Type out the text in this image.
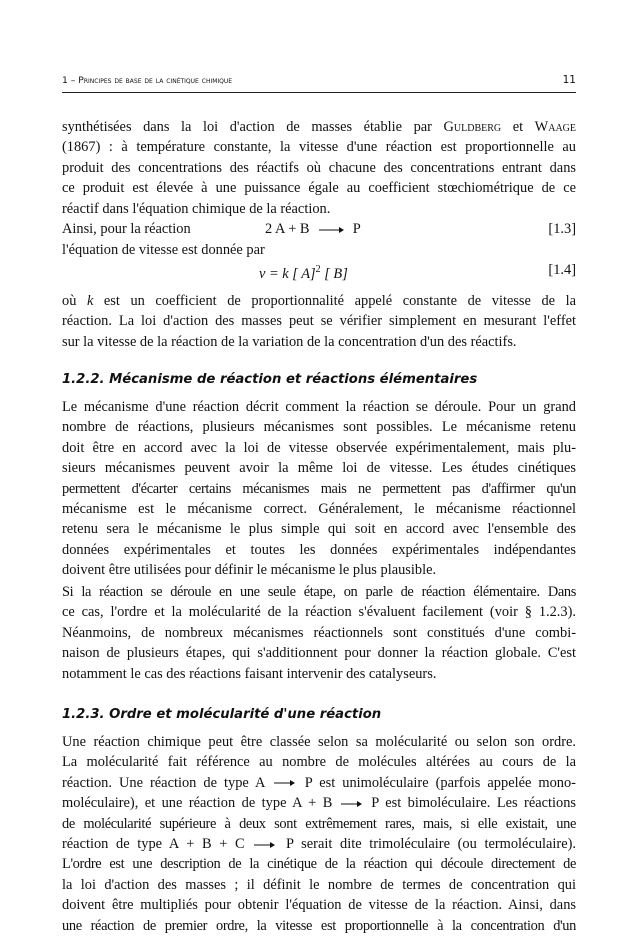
1 – Principes de base de la cinétique chimique	11
synthétisées dans la loi d'action de masses établie par Guldberg et Waage
(1867) : à température constante, la vitesse d'une réaction est proportionnelle au
produit des concentrations des réactifs où chacune des concentrations entrant dans
ce produit est élevée à une puissance égale au coefficient stœchiométrique de ce
réactif dans l'équation chimique de la réaction.
Ainsi, pour la réaction	2 A + B → P	[1.3]
l'équation de vitesse est donnée par
v = k [ A]$^2$ [ B]	[1.4]
où k est un coefficient de proportionnalité appelé constante de vitesse de la
réaction. La loi d'action des masses peut se vérifier simplement en mesurant l'effet
sur la vitesse de la réaction de la variation de la concentration d'un des réactifs.
1.2.2. Mécanisme de réaction et réactions élémentaires
Le mécanisme d'une réaction décrit comment la réaction se déroule. Pour un grand
nombre de réactions, plusieurs mécanismes sont possibles. Le mécanisme retenu
doit être en accord avec la loi de vitesse observée expérimentalement, mais plu-
sieurs mécanismes peuvent avoir la même loi de vitesse. Les études cinétiques
permettent d'écarter certains mécanismes mais ne permettent pas d'affirmer qu'un
mécanisme est le mécanisme correct. Généralement, le mécanisme réactionnel
retenu sera le mécanisme le plus simple qui soit en accord avec l'ensemble des
données expérimentales et toutes les données expérimentales indépendantes
doivent être utilisées pour définir le mécanisme le plus plausible.
Si la réaction se déroule en une seule étape, on parle de réaction élémentaire. Dans
ce cas, l'ordre et la molécularité de la réaction s'évaluent facilement (voir § 1.2.3).
Néanmoins, de nombreux mécanismes réactionnels sont constitués d'une combi-
naison de plusieurs étapes, qui s'additionnent pour donner la réaction globale. C'est
notamment le cas des réactions faisant intervenir des catalyseurs.
1.2.3. Ordre et molécularité d'une réaction
Une réaction chimique peut être classée selon sa molécularité ou selon son ordre.
La molécularité fait référence au nombre de molécules altérées au cours de la
réaction. Une réaction de type A → P est unimoléculaire (parfois appelée mono-
moléculaire), et une réaction de type A + B → P est bimoléculaire. Les réactions
de molécularité supérieure à deux sont extrêmement rares, mais, si elle existait, une
réaction de type A + B + C → P serait dite trimoléculaire (ou termoléculaire).
L'ordre est une description de la cinétique de la réaction qui découle directement de
la loi d'action des masses ; il définit le nombre de termes de concentration qui
doivent être multipliés pour obtenir l'équation de vitesse de la réaction. Ainsi, dans
une réaction de premier ordre, la vitesse est proportionnelle à la concentration d'un
